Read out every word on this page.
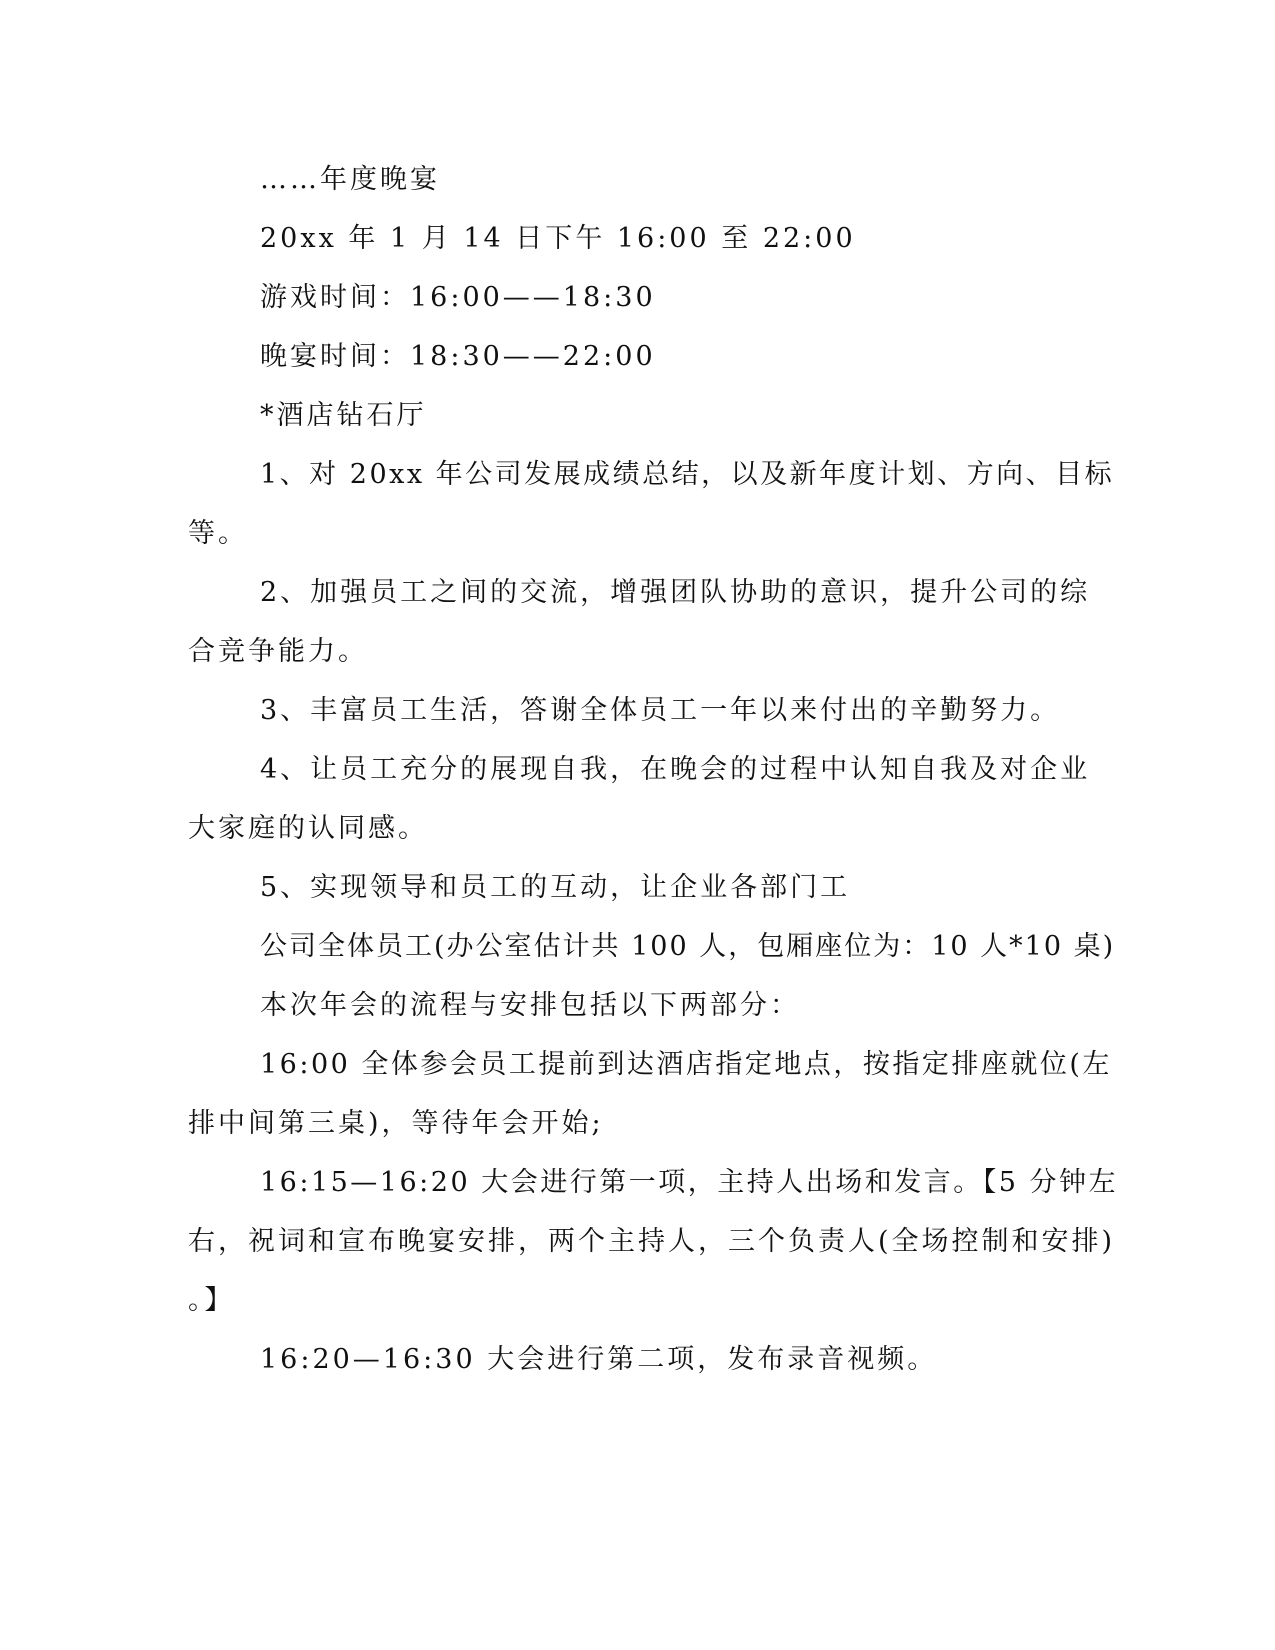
……年度晚宴
20xx 年 1 月 14 日下午 16:00 至 22:00
游戏时间：16:00——18:30
晚宴时间：18:30——22:00
*酒店钻石厅
1、对 20xx 年公司发展成绩总结，以及新年度计划、方向、目标
等。
2、加强员工之间的交流，增强团队协助的意识，提升公司的综
合竞争能力。
3、丰富员工生活，答谢全体员工一年以来付出的辛勤努力。
4、让员工充分的展现自我，在晚会的过程中认知自我及对企业
大家庭的认同感。
5、实现领导和员工的互动，让企业各部门工
公司全体员工(办公室估计共 100 人，包厢座位为：10 人*10 桌)
本次年会的流程与安排包括以下两部分：
16:00 全体参会员工提前到达酒店指定地点，按指定排座就位(左
排中间第三桌)，等待年会开始;
16:15—16:20 大会进行第一项，主持人出场和发言。【5 分钟左
右，祝词和宣布晚宴安排，两个主持人，三个负责人(全场控制和安排)
。】
16:20—16:30 大会进行第二项，发布录音视频。
